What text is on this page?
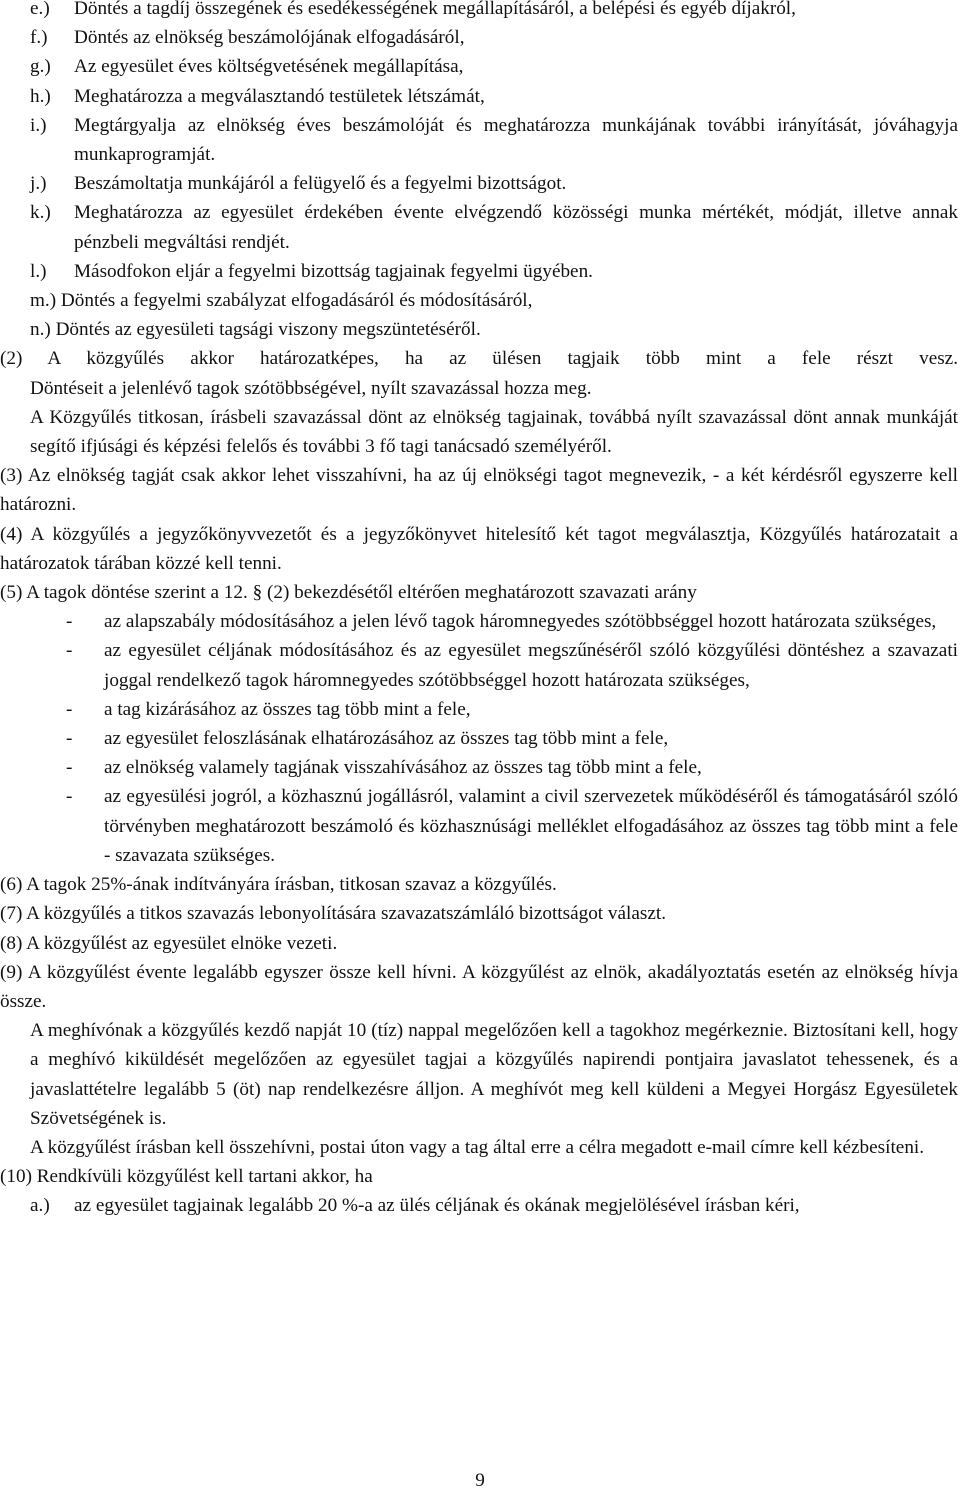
e.) Döntés a tagdíj összegének és esedékességének megállapításáról, a belépési és egyéb díjakról,
f.) Döntés az elnökség beszámolójának elfogadásáról,
g.) Az egyesület éves költségvetésének megállapítása,
h.) Meghatározza a megválasztandó testületek létszámát,
i.) Megtárgyalja az elnökség éves beszámolóját és meghatározza munkájának további irányítását, jóváhagyja munkaprogramját.
j.) Beszámoltatja munkájáról a felügyelő és a fegyelmi bizottságot.
k.) Meghatározza az egyesület érdekében évente elvégzendő közösségi munka mértékét, módját, illetve annak pénzbeli megváltási rendjét.
l.) Másodfokon eljár a fegyelmi bizottság tagjainak fegyelmi ügyében.
m.) Döntés a fegyelmi szabályzat elfogadásáról és módosításáról,
n.) Döntés az egyesületi tagsági viszony megszüntetéséről.
(2) A közgyűlés akkor határozatképes, ha az ülésen tagjaik több mint a fele részt vesz.
Döntéseit a jelenlévő tagok szótöbbségével, nyílt szavazással hozza meg.
A Közgyűlés titkosan, írásbeli szavazással dönt az elnökség tagjainak, továbbá nyílt szavazással dönt annak munkáját segítő ifjúsági és képzési felelős és további 3 fő tagi tanácsadó személyéről.
(3) Az elnökség tagját csak akkor lehet visszahívni, ha az új elnökségi tagot megnevezik, - a két kérdésről egyszerre kell határozni.
(4) A közgyűlés a jegyzőkönyvvezetőt és a jegyzőkönyvet hitelesítő két tagot megválasztja, Közgyűlés határozatait a határozatok tárában közzé kell tenni.
(5) A tagok döntése szerint a 12. § (2) bekezdésétől eltérően meghatározott szavazati arány
- az alapszabály módosításához a jelen lévő tagok háromnegyedes szótöbbséggel hozott határozata szükséges,
- az egyesület céljának módosításához és az egyesület megszűnéséről szóló közgyűlési döntéshez a szavazati joggal rendelkező tagok háromnegyedes szótöbbséggel hozott határozata szükséges,
- a tag kizárásához az összes tag több mint a fele,
- az egyesület feloszlásának elhatározásához az összes tag több mint a fele,
- az elnökség valamely tagjának visszahívásához az összes tag több mint a fele,
- az egyesülési jogról, a közhasznú jogállásról, valamint a civil szervezetek működéséről és támogatásáról szóló törvényben meghatározott beszámoló és közhasznúsági melléklet elfogadásához az összes tag több mint a fele - szavazata szükséges.
(6) A tagok 25%-ának indítványára írásban, titkosan szavaz a közgyűlés.
(7) A közgyűlés a titkos szavazás lebonyolítására szavazatszámláló bizottságot választ.
(8) A közgyűlést az egyesület elnöke vezeti.
(9) A közgyűlést évente legalább egyszer össze kell hívni. A közgyűlést az elnök, akadályoztatás esetén az elnökség hívja össze.
A meghívónak a közgyűlés kezdő napját 10 (tíz) nappal megelőzően kell a tagokhoz megérkeznie. Biztosítani kell, hogy a meghívó kiküldését megelőzően az egyesület tagjai a közgyűlés napirendi pontjaira javaslatot tehessenek, és a javaslattételre legalább 5 (öt) nap rendelkezésre álljon. A meghívót meg kell küldeni a Megyei Horgász Egyesületek Szövetségének is.
A közgyűlést írásban kell összehívni, postai úton vagy a tag által erre a célra megadott e-mail címre kell kézbesíteni.
(10) Rendkívüli közgyűlést kell tartani akkor, ha
a.) az egyesület tagjainak legalább 20 %-a az ülés céljának és okának megjelölésével írásban kéri,
9
